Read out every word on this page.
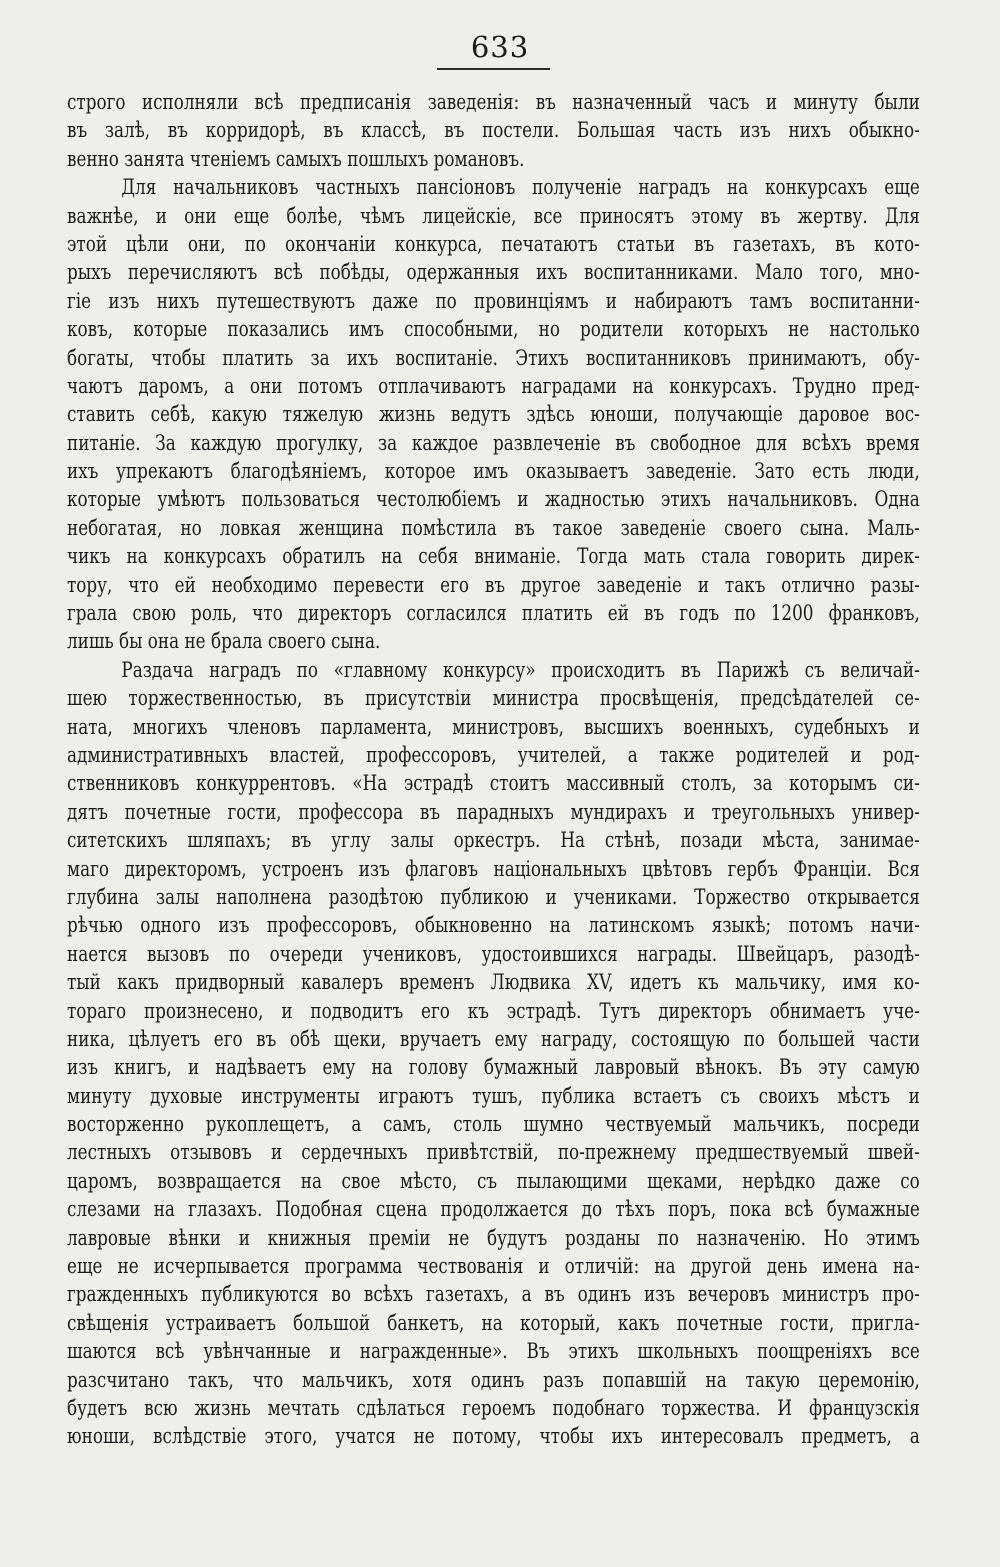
633
строго исполняли всѣ предписанія заведенія: въ назначенный часъ и минуту были
въ залѣ, въ корридорѣ, въ классѣ, въ постели. Большая часть изъ нихъ обыкно-
венно занята чтеніемъ самыхъ пошлыхъ романовъ.
Для начальниковъ частныхъ пансіоновъ полученіе наградъ на конкурсахъ еще
важнѣе, и они еще болѣе, чѣмъ лицейскіе, все приносятъ этому въ жертву. Для
этой цѣли они, по окончаніи конкурса, печатаютъ статьи въ газетахъ, въ кото-
рыхъ перечисляютъ всѣ побѣды, одержанныя ихъ воспитанниками. Мало того, мно-
гіе изъ нихъ путешествуютъ даже по провинціямъ и набираютъ тамъ воспитанни-
ковъ, которые показались имъ способными, но родители которыхъ не настолько
богаты, чтобы платить за ихъ воспитаніе. Этихъ воспитанниковъ принимаютъ, обу-
чаютъ даромъ, а они потомъ отплачиваютъ наградами на конкурсахъ. Трудно пред-
ставить себѣ, какую тяжелую жизнь ведутъ здѣсь юноши, получающіе даровое вос-
питаніе. За каждую прогулку, за каждое развлеченіе въ свободное для всѣхъ время
ихъ упрекаютъ благодѣяніемъ, которое имъ оказываетъ заведеніе. Зато есть люди,
которые умѣютъ пользоваться честолюбіемъ и жадностью этихъ начальниковъ. Одна
небогатая, но ловкая женщина помѣстила въ такое заведеніе своего сына. Маль-
чикъ на конкурсахъ обратилъ на себя вниманіе. Тогда мать стала говорить дирек-
тору, что ей необходимо перевести его въ другое заведеніе и такъ отлично разы-
грала свою роль, что директоръ согласился платить ей въ годъ по 1200 франковъ,
лишь бы она не брала своего сына.
Раздача наградъ по «главному конкурсу» происходитъ въ Парижѣ съ величай-
шею торжественностью, въ присутствіи министра просвѣщенія, предсѣдателей се-
ната, многихъ членовъ парламента, министровъ, высшихъ военныхъ, судебныхъ и
административныхъ властей, профессоровъ, учителей, а также родителей и род-
ственниковъ конкуррентовъ. «На эстрадѣ стоитъ массивный столъ, за которымъ си-
дятъ почетные гости, профессора въ парадныхъ мундирахъ и треугольныхъ универ-
ситетскихъ шляпахъ; въ углу залы оркестръ. На стѣнѣ, позади мѣста, занимае-
маго директоромъ, устроенъ изъ флаговъ національныхъ цвѣтовъ гербъ Франціи. Вся
глубина залы наполнена разодѣтою публикою и учениками. Торжество открывается
рѣчью одного изъ профессоровъ, обыкновенно на латинскомъ языкѣ; потомъ начи-
нается вызовъ по очереди учениковъ, удостоившихся награды. Швейцаръ, разодѣ-
тый какъ придворный кавалеръ временъ Людвика XV, идетъ къ мальчику, имя ко-
тораго произнесено, и подводитъ его къ эстрадѣ. Тутъ директоръ обнимаетъ уче-
ника, цѣлуетъ его въ обѣ щеки, вручаетъ ему награду, состоящую по большей части
изъ книгъ, и надѣваетъ ему на голову бумажный лавровый вѣнокъ. Въ эту самую
минуту духовые инструменты играютъ тушъ, публика встаетъ съ своихъ мѣстъ и
восторженно рукоплещетъ, а самъ, столь шумно чествуемый мальчикъ, посреди
лестныхъ отзывовъ и сердечныхъ привѣтствій, по-прежнему предшествуемый швей-
царомъ, возвращается на свое мѣсто, съ пылающими щеками, нерѣдко даже со
слезами на глазахъ. Подобная сцена продолжается до тѣхъ поръ, пока всѣ бумажные
лавровые вѣнки и книжныя преміи не будутъ розданы по назначенію. Но этимъ
еще не исчерпывается программа чествованія и отличій: на другой день имена на-
гражденныхъ публикуются во всѣхъ газетахъ, а въ одинъ изъ вечеровъ министръ про-
свѣщенія устраиваетъ большой банкетъ, на который, какъ почетные гости, пригла-
шаются всѣ увѣнчанные и награжденные». Въ этихъ школьныхъ поощреніяхъ все
разсчитано такъ, что мальчикъ, хотя одинъ разъ попавшій на такую церемонію,
будетъ всю жизнь мечтать сдѣлаться героемъ подобнаго торжества. И французскія
юноши, вслѣдствіе этого, учатся не потому, чтобы ихъ интересовалъ предметъ, а
